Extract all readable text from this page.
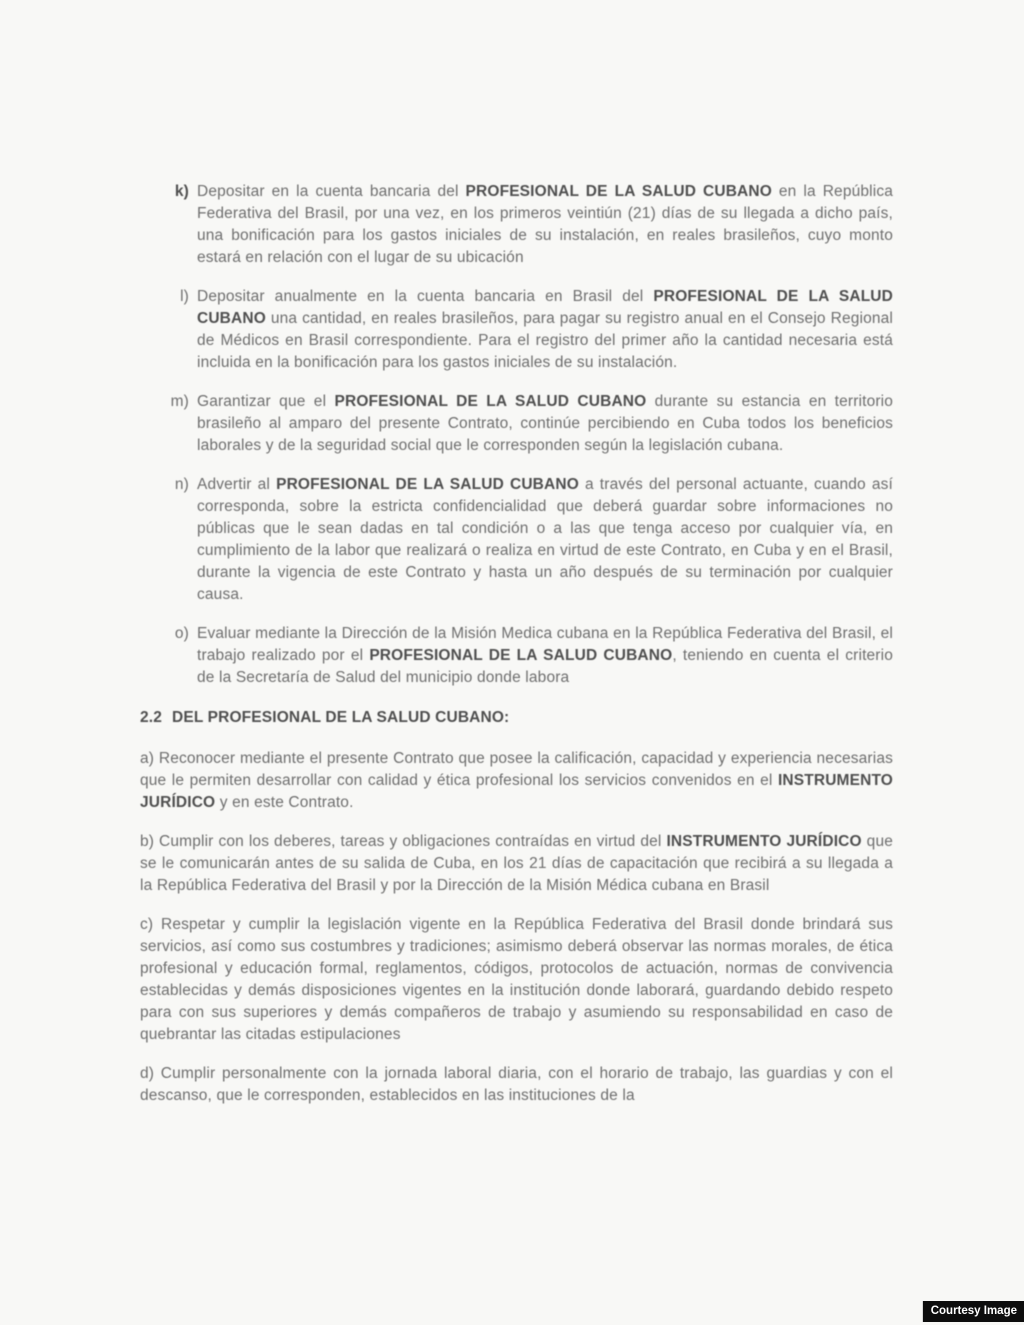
k) Depositar en la cuenta bancaria del PROFESIONAL DE LA SALUD CUBANO en la República Federativa del Brasil, por una vez, en los primeros veintiún (21) días de su llegada a dicho país, una bonificación para los gastos iniciales de su instalación, en reales brasileños, cuyo monto estará en relación con el lugar de su ubicación
l) Depositar anualmente en la cuenta bancaria en Brasil del PROFESIONAL DE LA SALUD CUBANO una cantidad, en reales brasileños, para pagar su registro anual en el Consejo Regional de Médicos en Brasil correspondiente. Para el registro del primer año la cantidad necesaria está incluida en la bonificación para los gastos iniciales de su instalación.
m) Garantizar que el PROFESIONAL DE LA SALUD CUBANO durante su estancia en territorio brasileño al amparo del presente Contrato, continúe percibiendo en Cuba todos los beneficios laborales y de la seguridad social que le corresponden según la legislación cubana.
n) Advertir al PROFESIONAL DE LA SALUD CUBANO a través del personal actuante, cuando así corresponda, sobre la estricta confidencialidad que deberá guardar sobre informaciones no públicas que le sean dadas en tal condición o a las que tenga acceso por cualquier vía, en cumplimiento de la labor que realizará o realiza en virtud de este Contrato, en Cuba y en el Brasil, durante la vigencia de este Contrato y hasta un año después de su terminación por cualquier causa.
o) Evaluar mediante la Dirección de la Misión Medica cubana en la República Federativa del Brasil, el trabajo realizado por el PROFESIONAL DE LA SALUD CUBANO, teniendo en cuenta el criterio de la Secretaría de Salud del municipio donde labora
2.2 DEL PROFESIONAL DE LA SALUD CUBANO:

a) Reconocer mediante el presente Contrato que posee la calificación, capacidad y experiencia necesarias que le permiten desarrollar con calidad y ética profesional los servicios convenidos en el INSTRUMENTO JURÍDICO y en este Contrato.

b) Cumplir con los deberes, tareas y obligaciones contraídas en virtud del INSTRUMENTO JURÍDICO que se le comunicarán antes de su salida de Cuba, en los 21 días de capacitación que recibirá a su llegada a la República Federativa del Brasil y por la Dirección de la Misión Médica cubana en Brasil

c) Respetar y cumplir la legislación vigente en la República Federativa del Brasil donde brindará sus servicios, así como sus costumbres y tradiciones; asimismo deberá observar las normas morales, de ética profesional y educación formal, reglamentos, códigos, protocolos de actuación, normas de convivencia establecidas y demás disposiciones vigentes en la institución donde laborará, guardando debido respeto para con sus superiores y demás compañeros de trabajo y asumiendo su responsabilidad en caso de quebrantar las citadas estipulaciones

d) Cumplir personalmente con la jornada laboral diaria, con el horario de trabajo, las guardias y con el descanso, que le corresponden, establecidos en las instituciones de la

Courtesy Image
